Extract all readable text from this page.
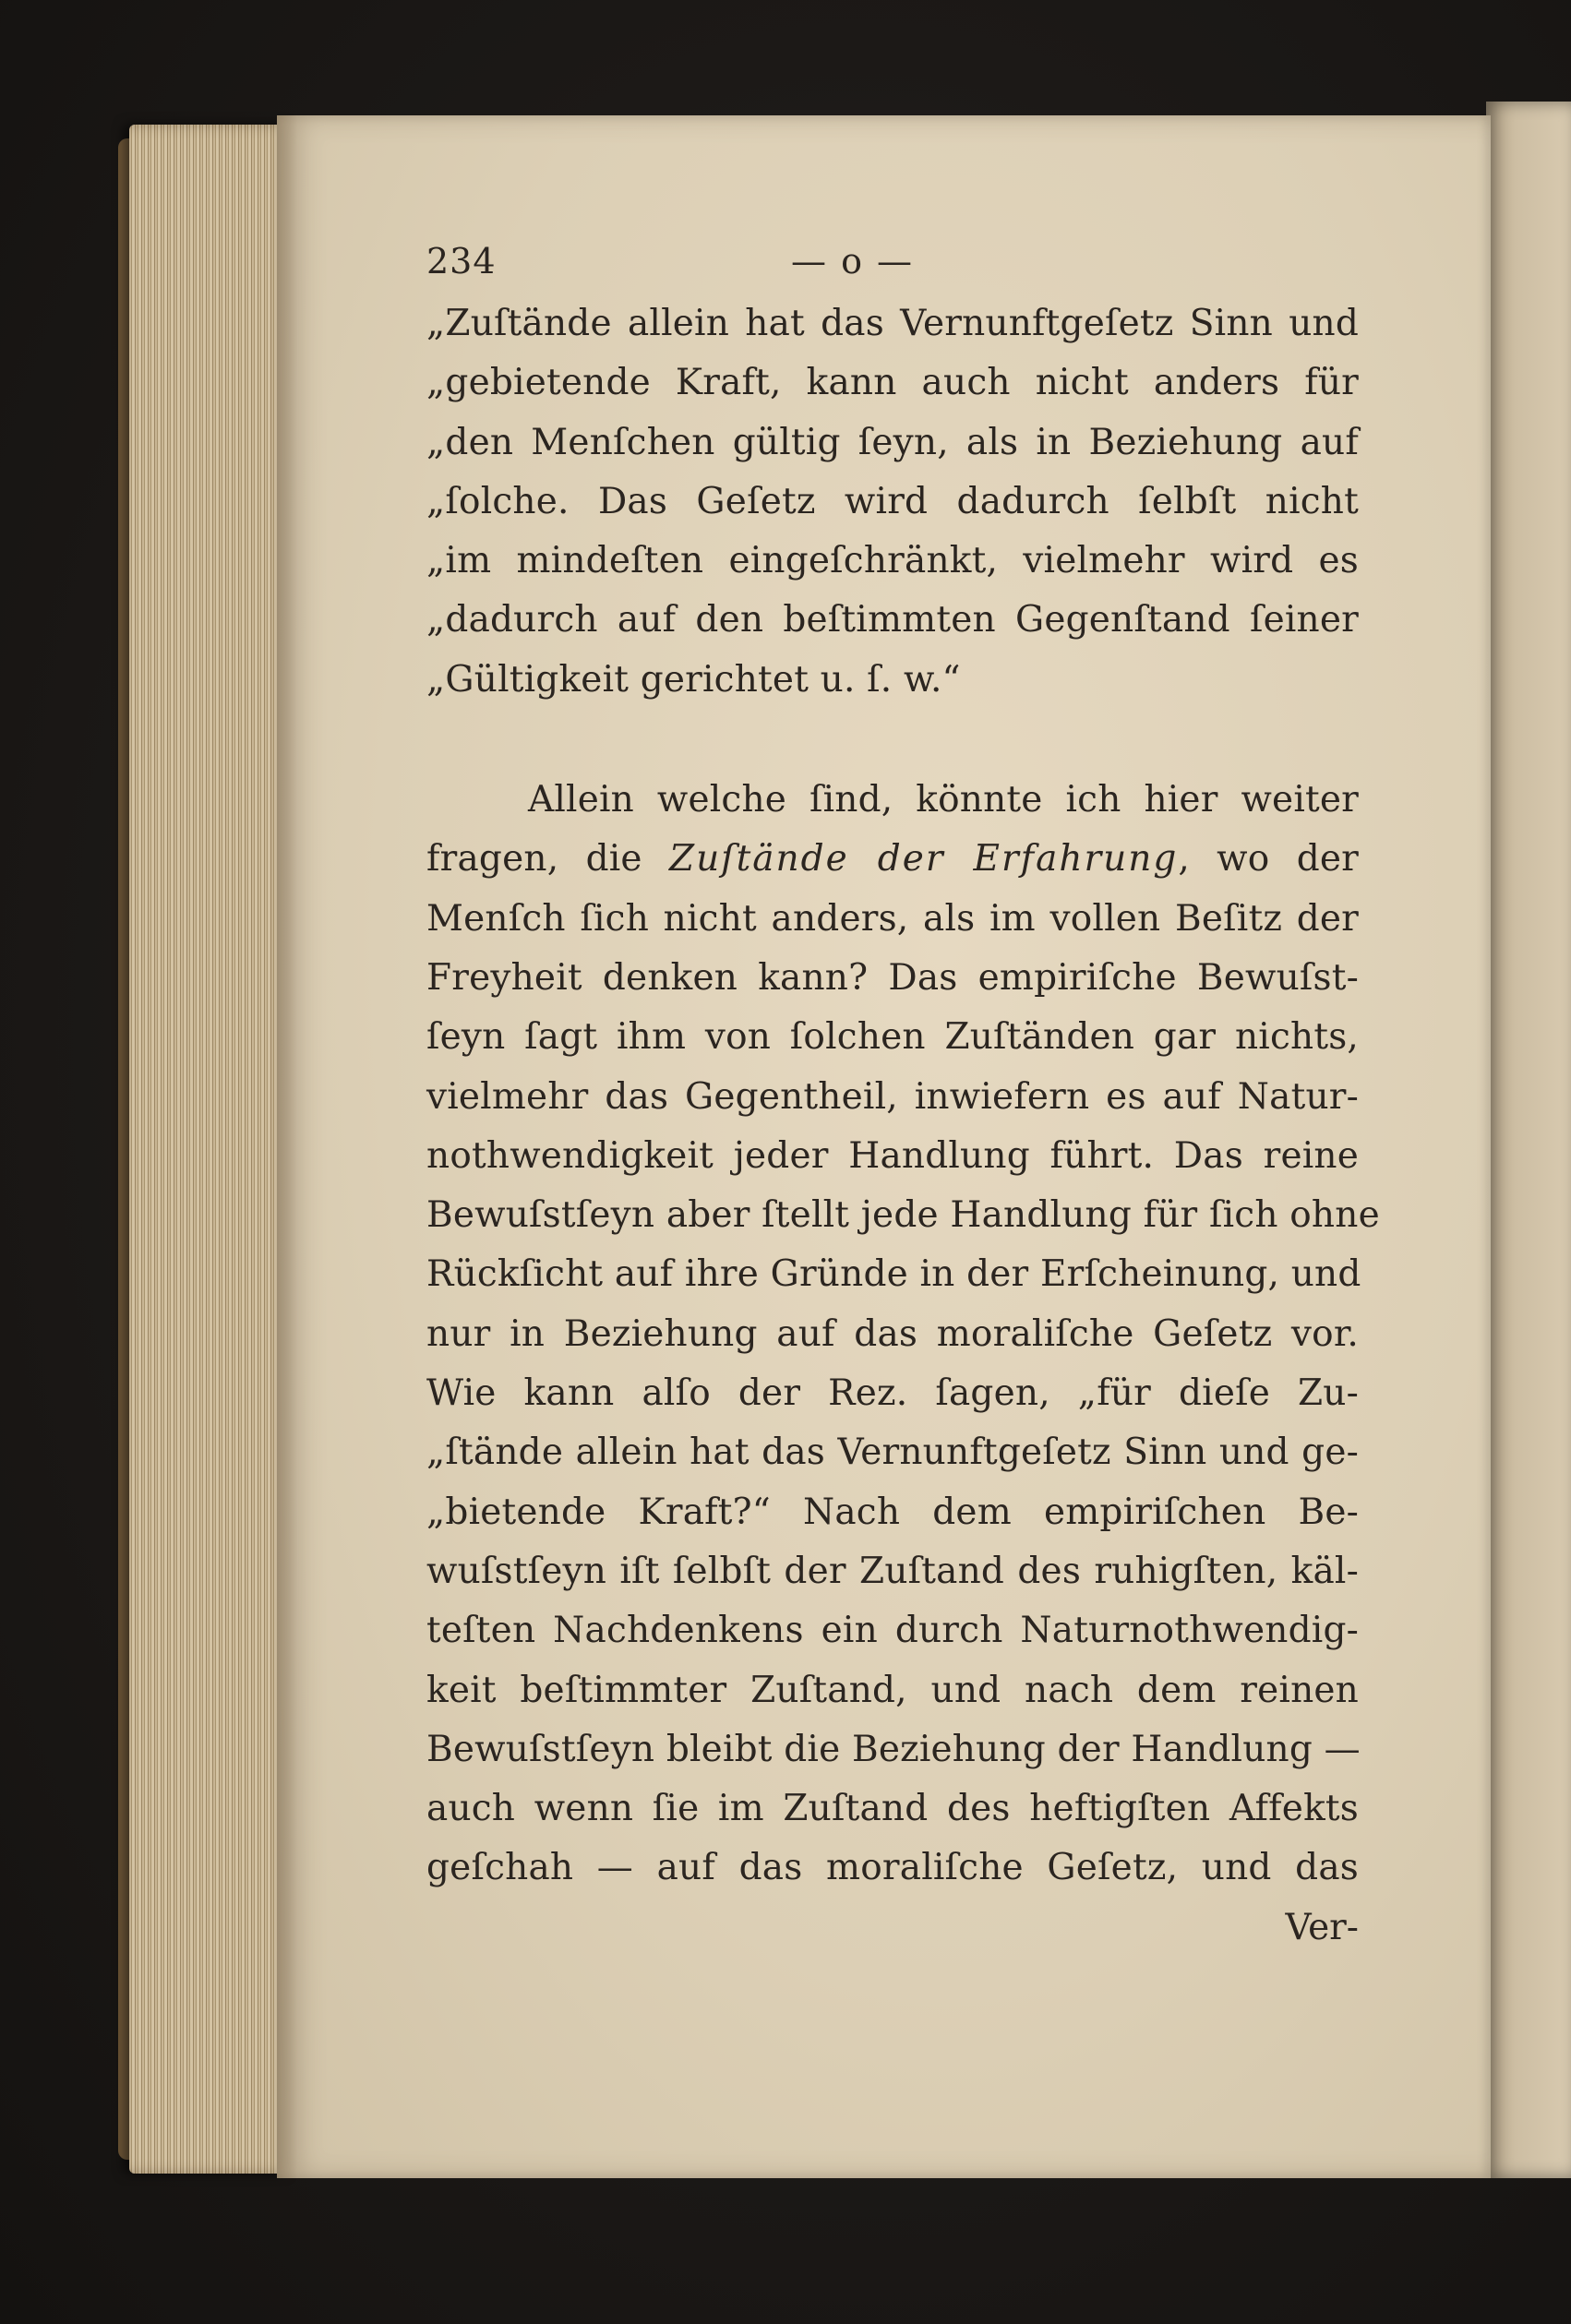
234	— o —
„Zuſtände allein hat das Vernunftgeſetz Sinn und
„gebietende Kraft, kann auch nicht anders für
„den Menſchen gültig ſeyn, als in Beziehung auf
„ſolche. Das Geſetz wird dadurch ſelbſt nicht
„im mindeſten eingeſchränkt, vielmehr wird es
„dadurch auf den beſtimmten Gegenſtand ſeiner
„Gültigkeit gerichtet u. ſ. w.“
Allein welche ſind, könnte ich hier weiter
fragen, die Zuſtände der Erfahrung, wo der
Menſch ſich nicht anders, als im vollen Beſitz der
Freyheit denken kann? Das empiriſche Bewuſst-
ſeyn ſagt ihm von ſolchen Zuſtänden gar nichts,
vielmehr das Gegentheil, inwiefern es auf Natur-
nothwendigkeit jeder Handlung führt. Das reine
Bewuſstſeyn aber ſtellt jede Handlung für ſich ohne
Rückſicht auf ihre Gründe in der Erſcheinung, und
nur in Beziehung auf das moraliſche Geſetz vor.
Wie kann alſo der Rez. ſagen, „für dieſe Zu-
„ſtände allein hat das Vernunftgeſetz Sinn und ge-
„bietende Kraft?“ Nach dem empiriſchen Be-
wuſstſeyn iſt ſelbſt der Zuſtand des ruhigſten, käl-
teſten Nachdenkens ein durch Naturnothwendig-
keit beſtimmter Zuſtand, und nach dem reinen
Bewuſstſeyn bleibt die Beziehung der Handlung —
auch wenn ſie im Zuſtand des heftigſten Affekts
geſchah — auf das moraliſche Geſetz, und das
Ver-
